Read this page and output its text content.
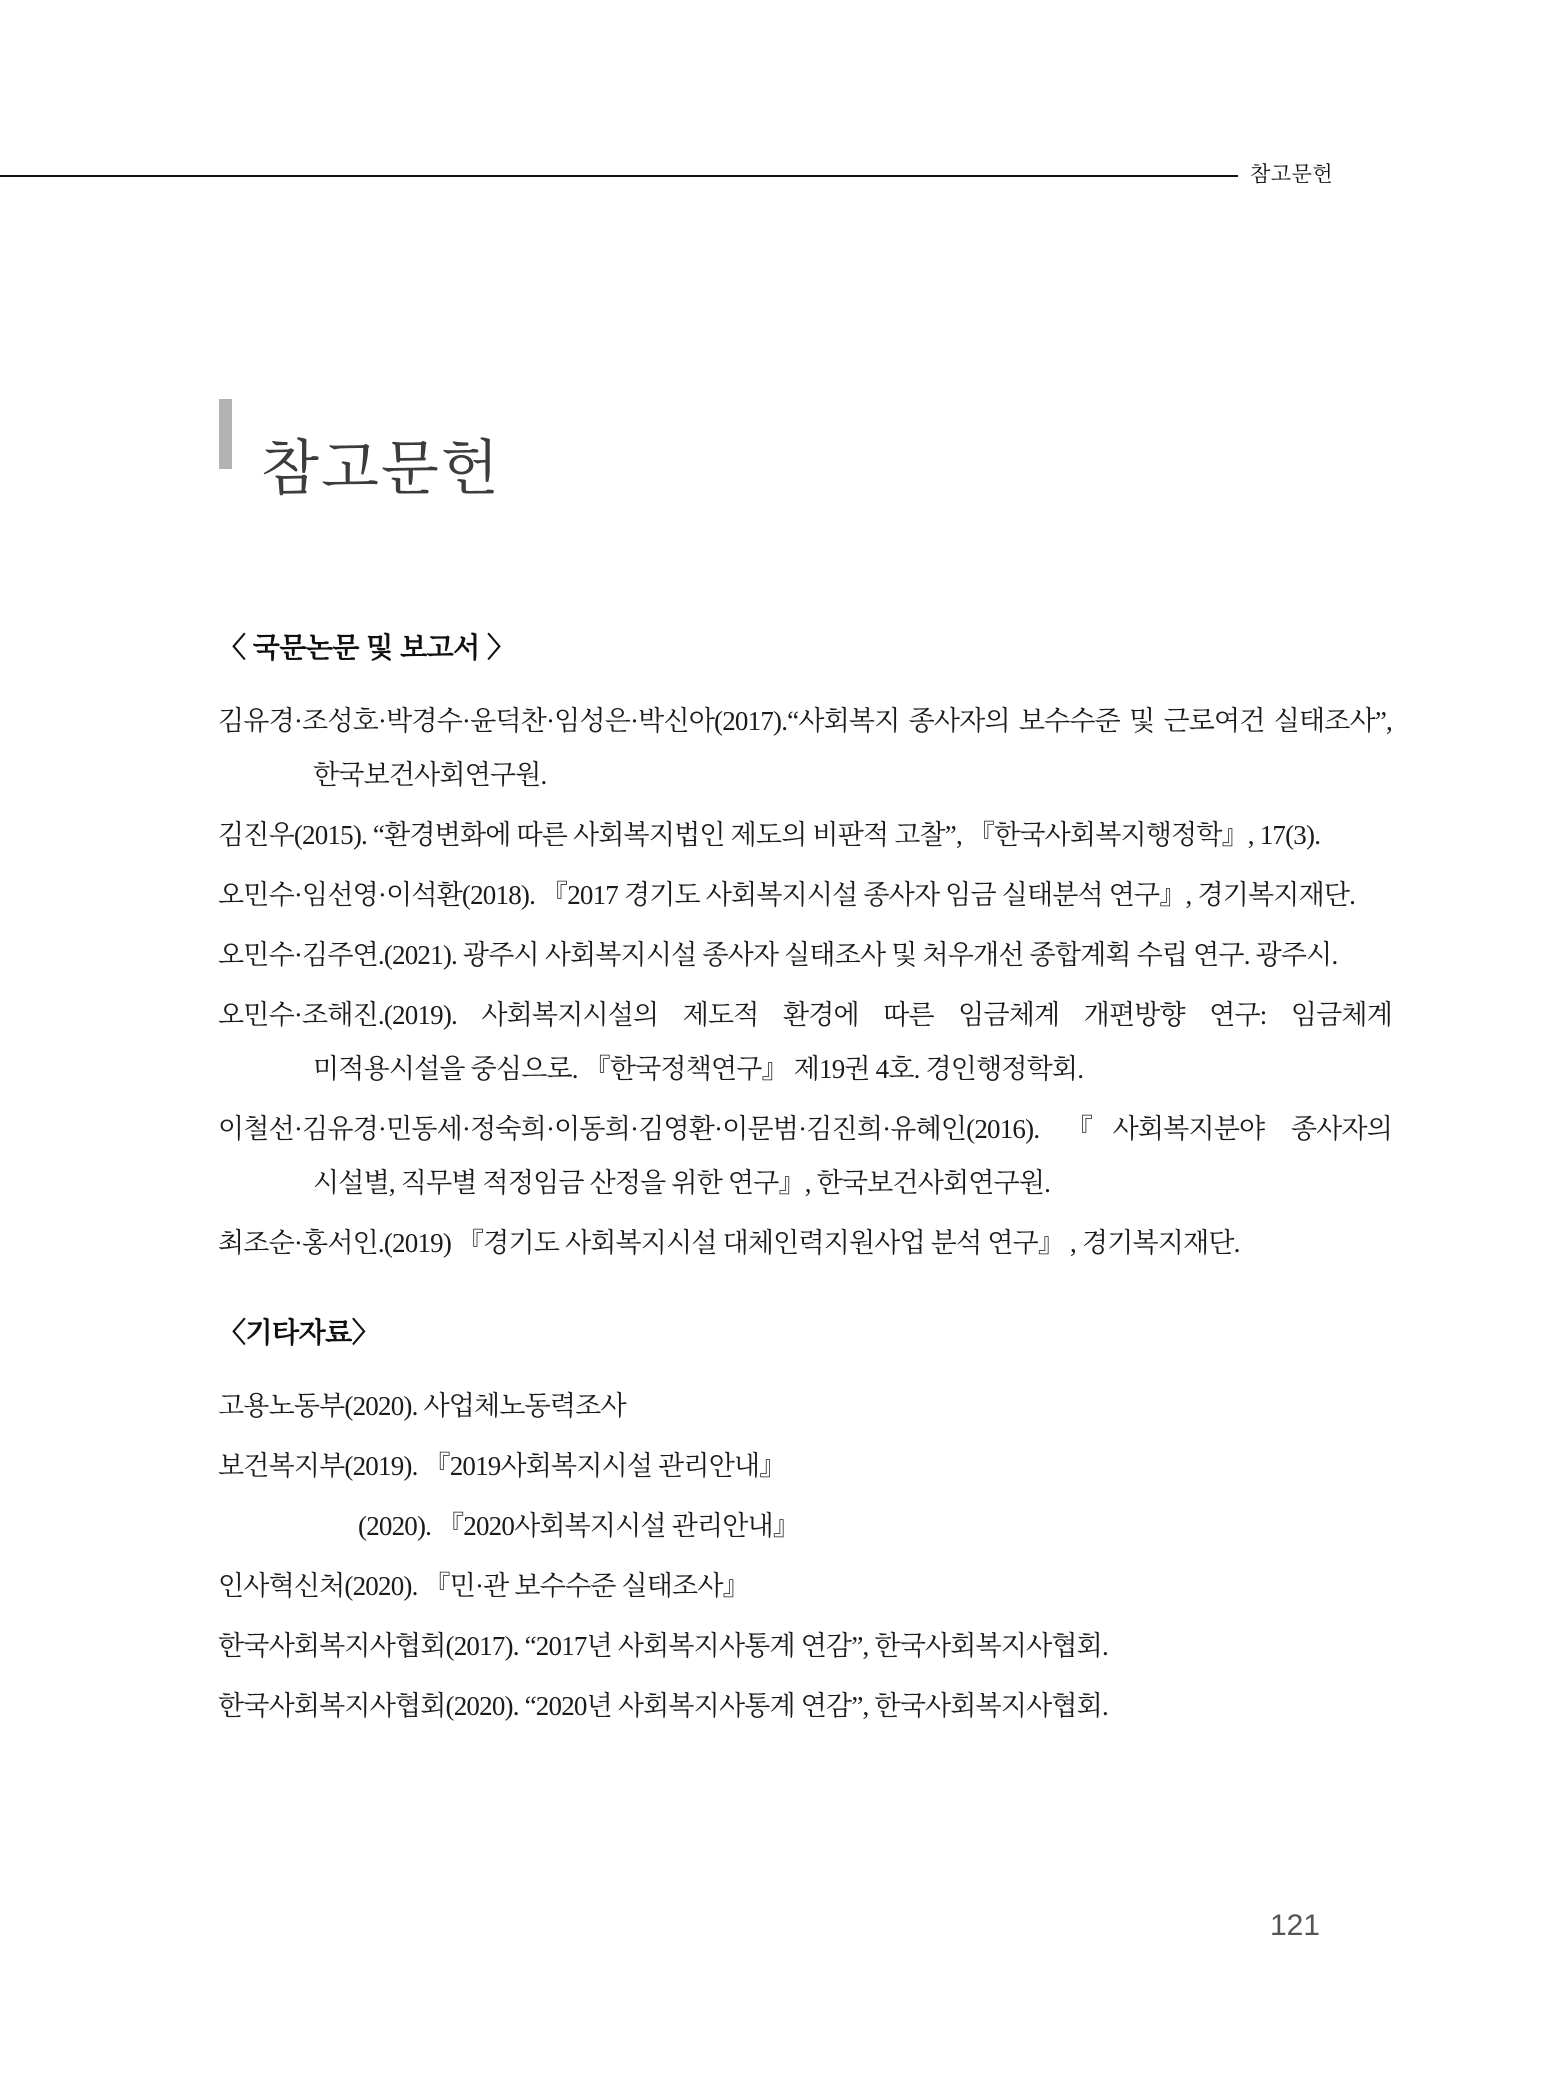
참고문헌
참고문헌
〈 국문논문 및 보고서 〉

김유경·조성호·박경수·윤덕찬·임성은·박신아(2017).“사회복지 종사자의 보수수준 및 근로여건 실태조사”, 한국보건사회연구원.

김진우(2015). “환경변화에 따른 사회복지법인 제도의 비판적 고찰”, 『한국사회복지행정학』, 17(3).

오민수·임선영·이석환(2018). 『2017 경기도 사회복지시설 종사자 임금 실태분석 연구』, 경기복지재단.

오민수·김주연.(2021). 광주시 사회복지시설 종사자 실태조사 및 처우개선 종합계획 수립 연구. 광주시.

오민수·조해진.(2019). 사회복지시설의 제도적 환경에 따른 임금체계 개편방향 연구: 임금체계 미적용시설을 중심으로. 『한국정책연구』 제19권 4호. 경인행정학회.

이철선·김유경·민동세·정숙희·이동희·김영환·이문범·김진희·유혜인(2016). 『사회복지분야 종사자의 시설별, 직무별 적정임금 산정을 위한 연구』, 한국보건사회연구원.

최조순·홍서인.(2019) 『경기도 사회복지시설 대체인력지원사업 분석 연구』 , 경기복지재단.

〈기타자료〉

고용노동부(2020). 사업체노동력조사

보건복지부(2019). 『2019사회복지시설 관리안내』

(2020). 『2020사회복지시설 관리안내』

인사혁신처(2020). 『민·관 보수수준 실태조사』

한국사회복지사협회(2017). “2017년 사회복지사통계 연감”, 한국사회복지사협회.

한국사회복지사협회(2020). “2020년 사회복지사통계 연감”, 한국사회복지사협회.

121
